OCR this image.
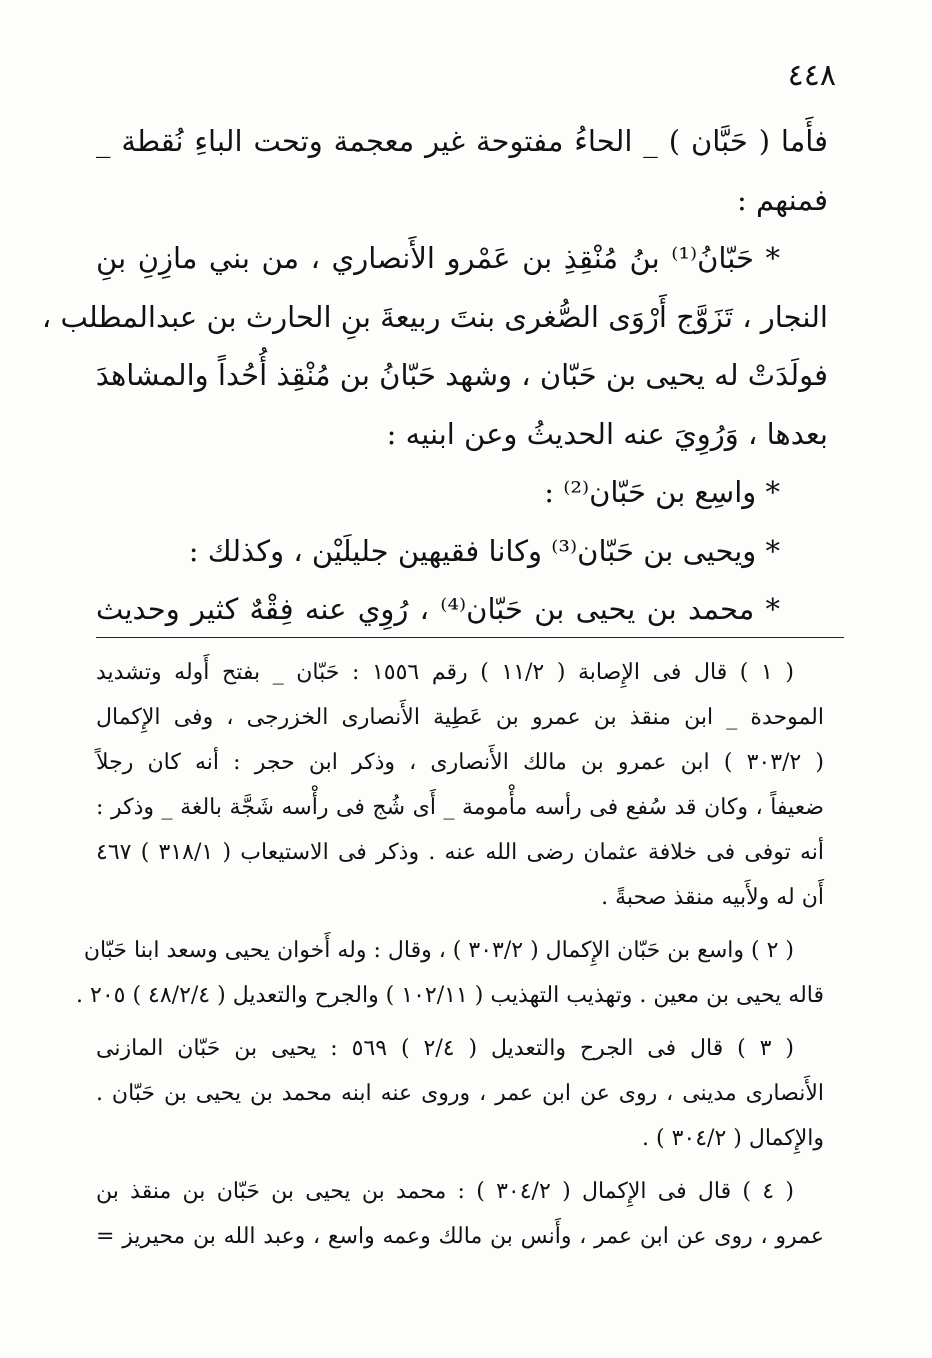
٤٤٨
فأَما ( حَبَّان ) _ الحاءُ مفتوحة غير معجمة وتحت الباءِ نُقطة _
فمنهم :
* حَبّانُ⁽¹⁾ بنُ مُنْقِذِ بن عَمْرو الأَنصاري ، من بني مازِنِ بنِ
النجار ، تَزَوَّج أَرْوَى الصُّغرى بنتَ ربيعةَ بنِ الحارث بن عبدالمطلب ،
فولَدَتْ له يحيى بن حَبّان ، وشهد حَبّانُ بن مُنْقِذ أُحُداً والمشاهدَ
بعدها ، وَرُوِيَ عنه الحديثُ وعن ابنيه :
* واسِع بن حَبّان⁽²⁾ :
* ويحيى بن حَبّان⁽³⁾ وكانا فقيهين جليلَيْن ، وكذلك :
* محمد بن يحيى بن حَبّان⁽⁴⁾ ، رُوِي عنه فِقْهٌ كثير وحديث
( ١ ) قال فى الإِصابة ( ١١/٢ ) رقم ١٥٥٦ : حَبّان _ بفتح أَوله وتشديد
الموحدة _ ابن منقذ بن عمرو بن عَطِية الأَنصارى الخزرجى ، وفى الإِكمال
( ٣٠٣/٢ ) ابن عمرو بن مالك الأَنصارى ، وذكر ابن حجر : أنه كان رجلاً
ضعيفاً ، وكان قد سُفع فى رأسه مأْمومة _ أَى شُج فى رأْسه شَجَّة بالغة _ وذكر :
أنه توفى فى خلافة عثمان رضى الله عنه . وذكر فى الاستيعاب ( ٣١٨/١ ) ٤٦٧
أَن له ولأَبيه منقذ صحبةً .
( ٢ ) واسع بن حَبّان الإِكمال ( ٣٠٣/٢ ) ، وقال : وله أَخوان يحيى وسعد ابنا حَبّان
قاله يحيى بن معين . وتهذيب التهذيب ( ١٠٢/١١ ) والجرح والتعديل ( ٤٨/٢/٤ ) ٢٠٥ .
( ٣ ) قال فى الجرح والتعديل ( ٢/٤ ) ٥٦٩ : يحيى بن حَبّان المازنى
الأَنصارى مدينى ، روى عن ابن عمر ، وروى عنه ابنه محمد بن يحيى بن حَبّان .
والإِكمال ( ٣٠٤/٢ ) .
( ٤ ) قال فى الإِكمال ( ٣٠٤/٢ ) : محمد بن يحيى بن حَبّان بن منقذ بن
عمرو ، روى عن ابن عمر ، وأَنس بن مالك وعمه واسع ، وعبد الله بن محيريز =
